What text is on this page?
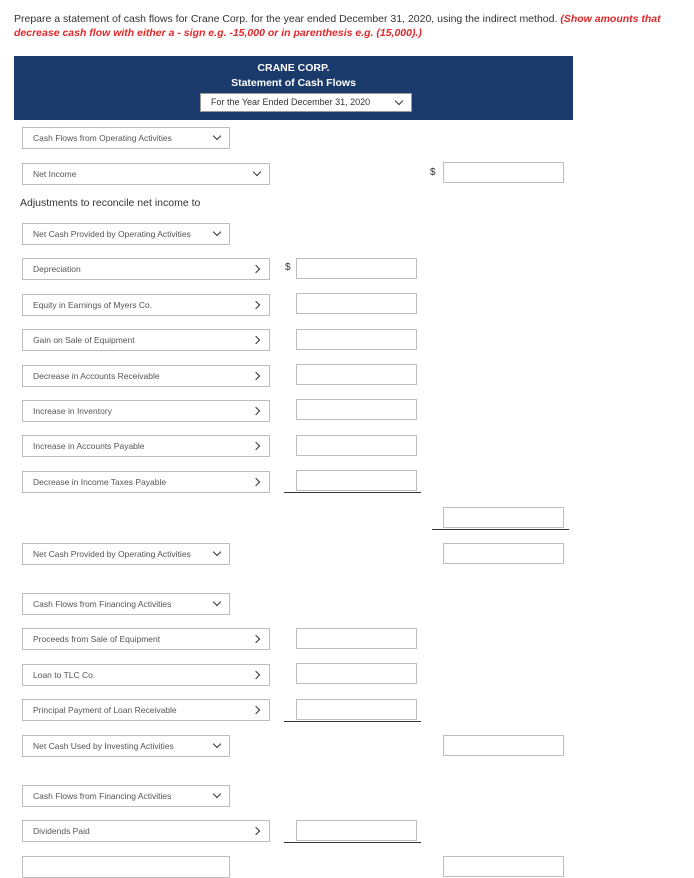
Prepare a statement of cash flows for Crane Corp. for the year ended December 31, 2020, using the indirect method. (Show amounts that decrease cash flow with either a - sign e.g. -15,000 or in parenthesis e.g. (15,000).)
CRANE CORP.
Statement of Cash Flows
For the Year Ended December 31, 2020
Cash Flows from Operating Activities
Net Income	$
Adjustments to reconcile net income to
Net Cash Provided by Operating Activities
Depreciation	$
Equity in Earnings of Myers Co.
Gain on Sale of Equipment
Decrease in Accounts Receivable
Increase in Inventory
Increase in Accounts Payable
Decrease in Income Taxes Payable
Net Cash Provided by Operating Activities
Cash Flows from Financing Activities
Proceeds from Sale of Equipment
Loan to TLC Co.
Principal Payment of Loan Receivable
Net Cash Used by Investing Activities
Cash Flows from Financing Activities
Dividends Paid
